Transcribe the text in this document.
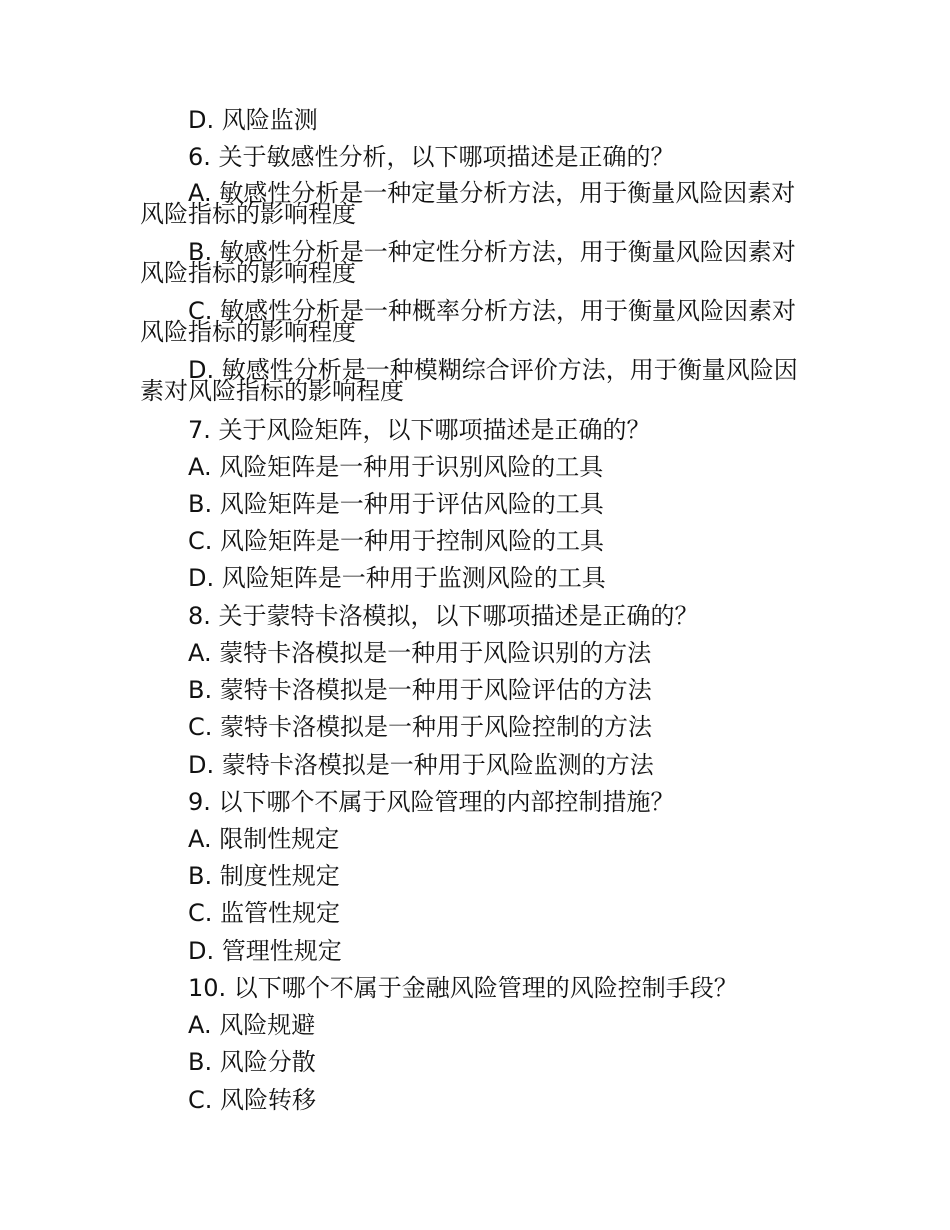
D. 风险监测
6. 关于敏感性分析，以下哪项描述是正确的？
A. 敏感性分析是一种定量分析方法，用于衡量风险因素对风险指标的影响程度
B. 敏感性分析是一种定性分析方法，用于衡量风险因素对风险指标的影响程度
C. 敏感性分析是一种概率分析方法，用于衡量风险因素对风险指标的影响程度
D. 敏感性分析是一种模糊综合评价方法，用于衡量风险因素对风险指标的影响程度
7. 关于风险矩阵，以下哪项描述是正确的？
A. 风险矩阵是一种用于识别风险的工具
B. 风险矩阵是一种用于评估风险的工具
C. 风险矩阵是一种用于控制风险的工具
D. 风险矩阵是一种用于监测风险的工具
8. 关于蒙特卡洛模拟，以下哪项描述是正确的？
A. 蒙特卡洛模拟是一种用于风险识别的方法
B. 蒙特卡洛模拟是一种用于风险评估的方法
C. 蒙特卡洛模拟是一种用于风险控制的方法
D. 蒙特卡洛模拟是一种用于风险监测的方法
9. 以下哪个不属于风险管理的内部控制措施？
A. 限制性规定
B. 制度性规定
C. 监管性规定
D. 管理性规定
10. 以下哪个不属于金融风险管理的风险控制手段？
A. 风险规避
B. 风险分散
C. 风险转移
